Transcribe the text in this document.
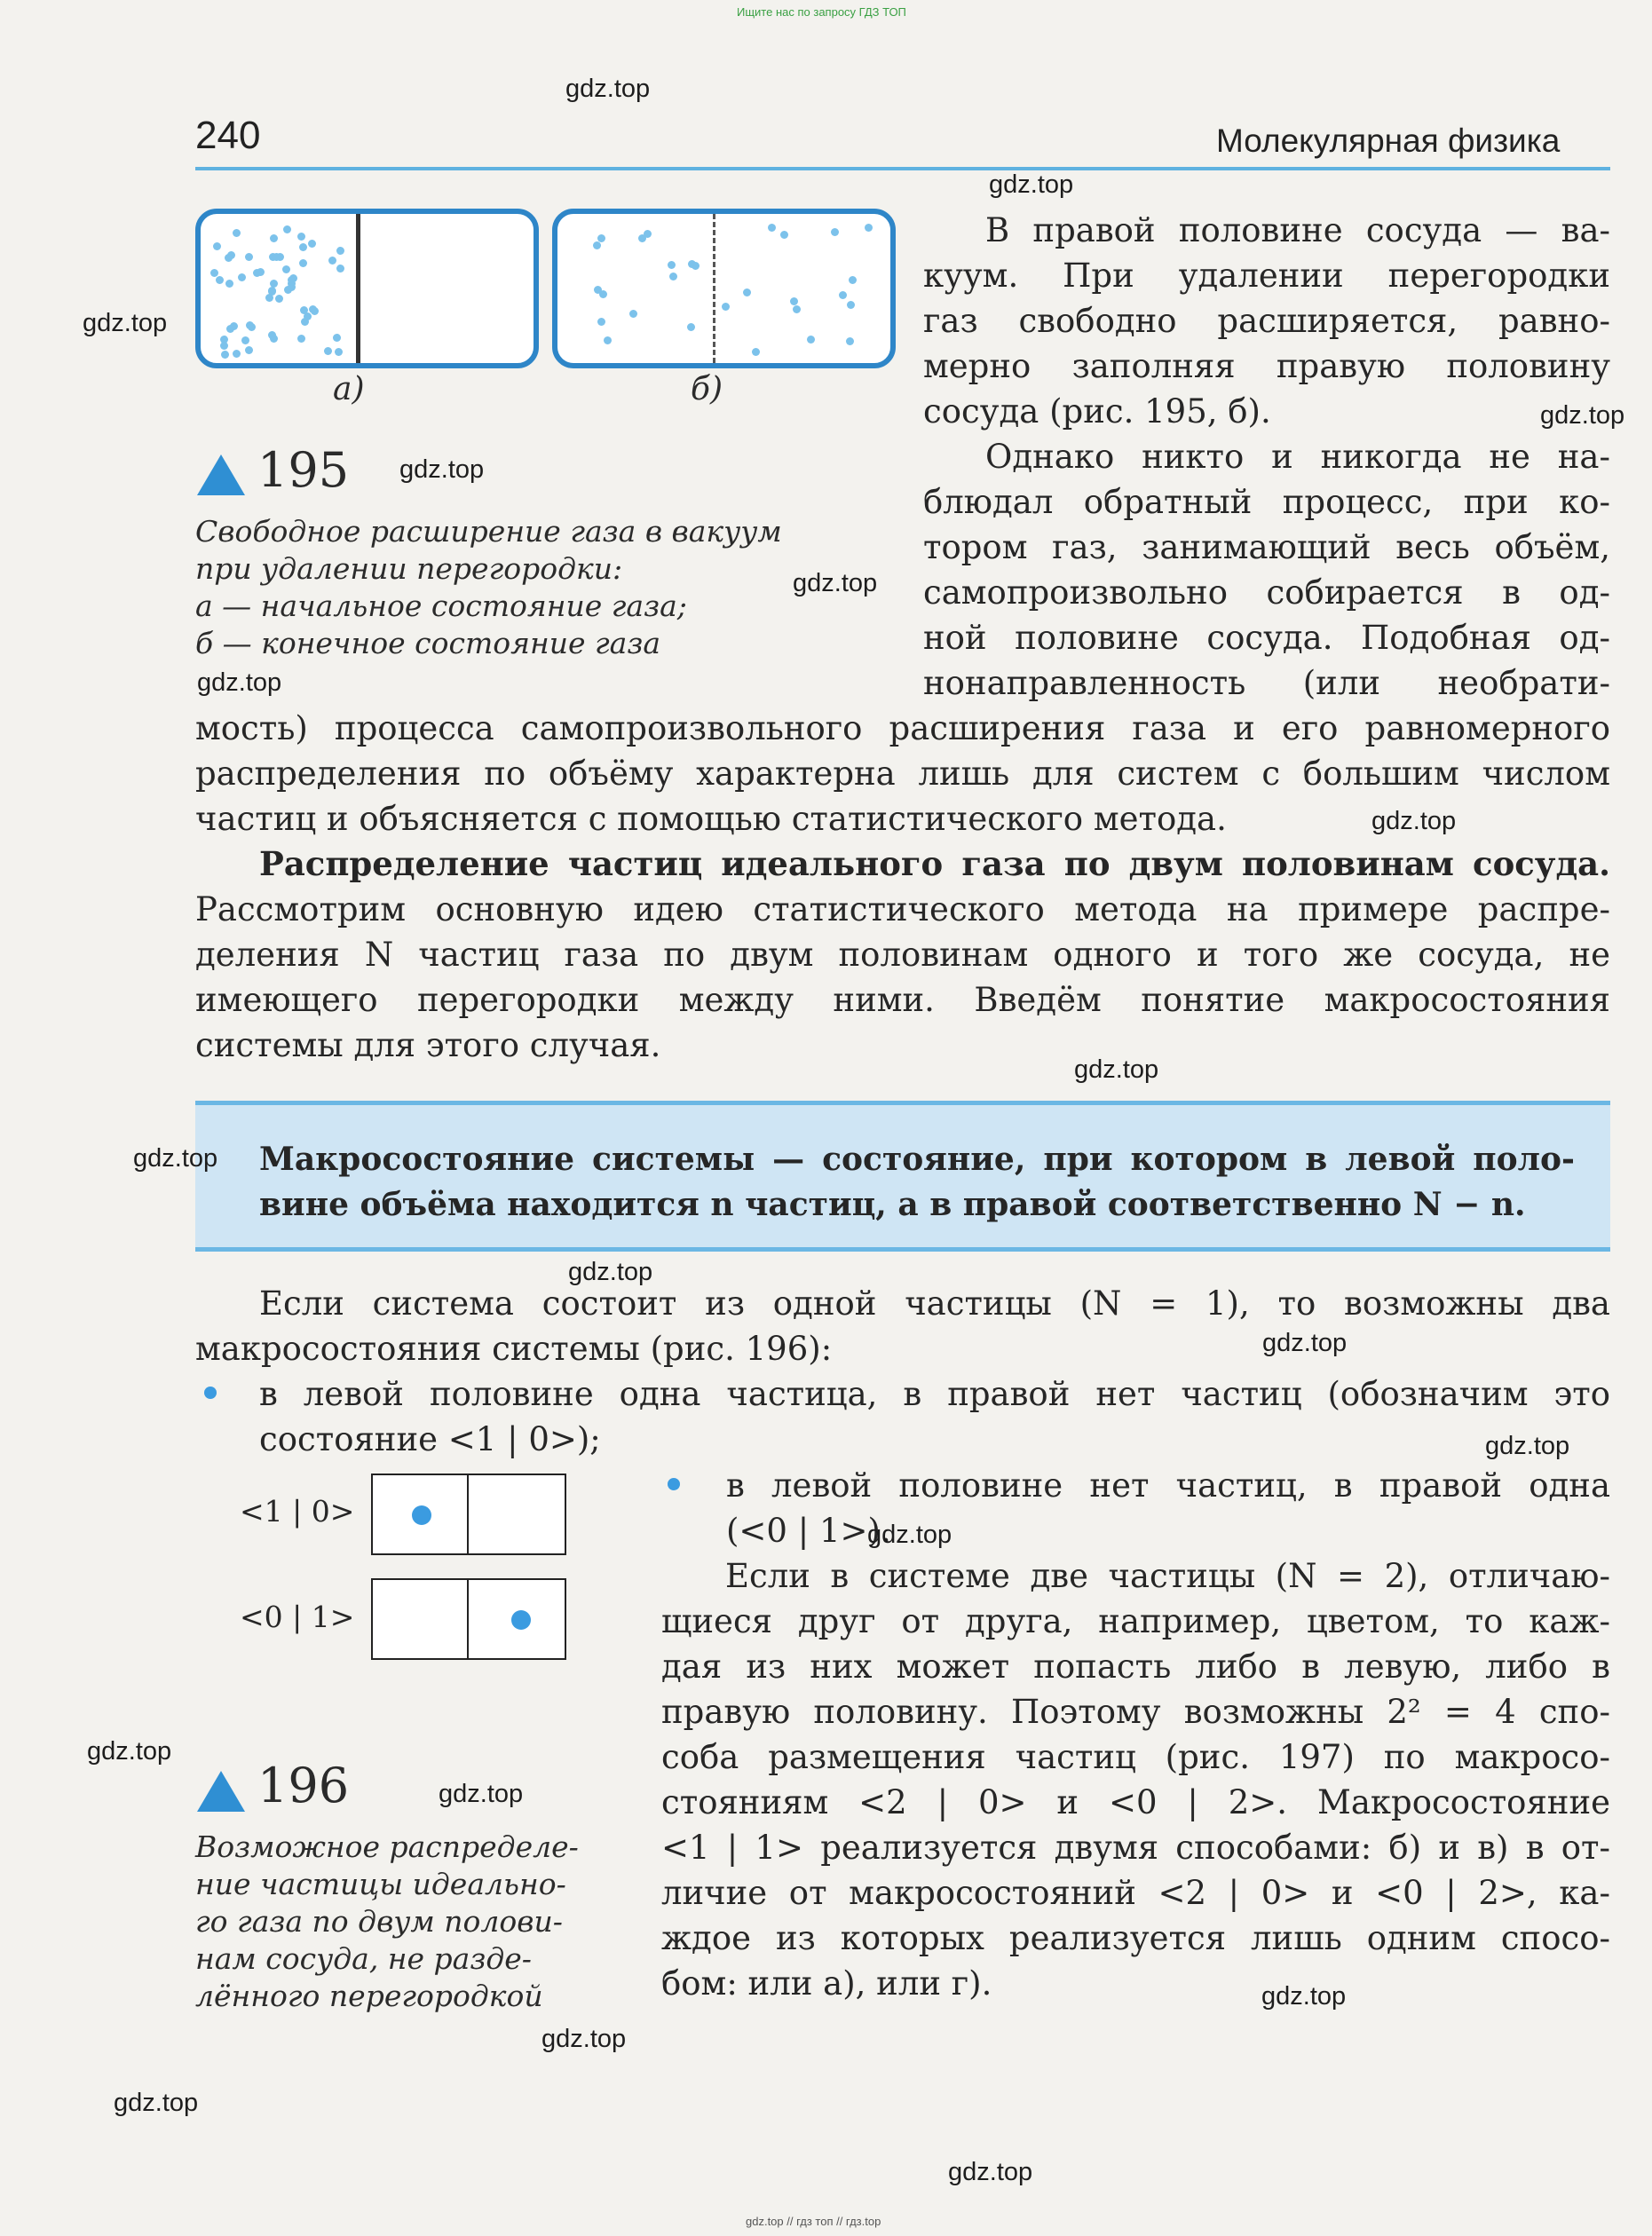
Ищите нас по запросу ГДЗ ТОП
gdz.top // гдз топ // гдз.top
240	Молекулярная физика
а)	б)
195
Свободное расширение газа в вакуум
при удалении перегородки:
а — начальное состояние газа;
б — конечное состояние газа
В правой половине сосуда — ва-
куум. При удалении перегородки
газ свободно расширяется, равно-
мерно заполняя правую половину
сосуда (рис. 195, б).
Однако никто и никогда не на-
блюдал обратный процесс, при ко-
тором газ, занимающий весь объём,
самопроизвольно собирается в од-
ной половине сосуда. Подобная од-
нонаправленность (или необрати-
мость) процесса самопроизвольного расширения газа и его равномерного
распределения по объёму характерна лишь для систем с большим числом
частиц и объясняется с помощью статистического метода.
Распределение частиц идеального газа по двум половинам сосуда.
Рассмотрим основную идею статистического метода на примере распре-
деления N частиц газа по двум половинам одного и того же сосуда, не
имеющего перегородки между ними. Введём понятие макросостояния
системы для этого случая.
Макросостояние системы — состояние, при котором в левой поло-
вине объёма находится n частиц, а в правой соответственно N − n.
Если система состоит из одной частицы (N = 1), то возможны два
макросостояния системы (рис. 196):
в левой половине одна частица, в правой нет частиц (обозначим это
состояние <1 | 0>);
<1 | 0>
<0 | 1>
в левой половине нет частиц, в правой одна
(<0 | 1>).
Если в системе две частицы (N = 2), отличаю-
щиеся друг от друга, например, цветом, то каж-
дая из них может попасть либо в левую, либо в
правую половину. Поэтому возможны 2² = 4 спо-
соба размещения частиц (рис. 197) по макросо-
стояниям <2 | 0> и <0 | 2>. Макросостояние
<1 | 1> реализуется двумя способами: б) и в) в от-
личие от макросостояний <2 | 0> и <0 | 2>, ка-
ждое из которых реализуется лишь одним спосо-
бом: или а), или г).
196
Возможное распределе-
ние частицы идеально-
го газа по двум полови-
нам сосуда, не разде-
лённого перегородкой
gdz.top
gdz.top
gdz.top
gdz.top
gdz.top
gdz.top
gdz.top
gdz.top
gdz.top
gdz.top
gdz.top
gdz.top
gdz.top
gdz.top
gdz.top
gdz.top
gdz.top
gdz.top
gdz.top
gdz.top
